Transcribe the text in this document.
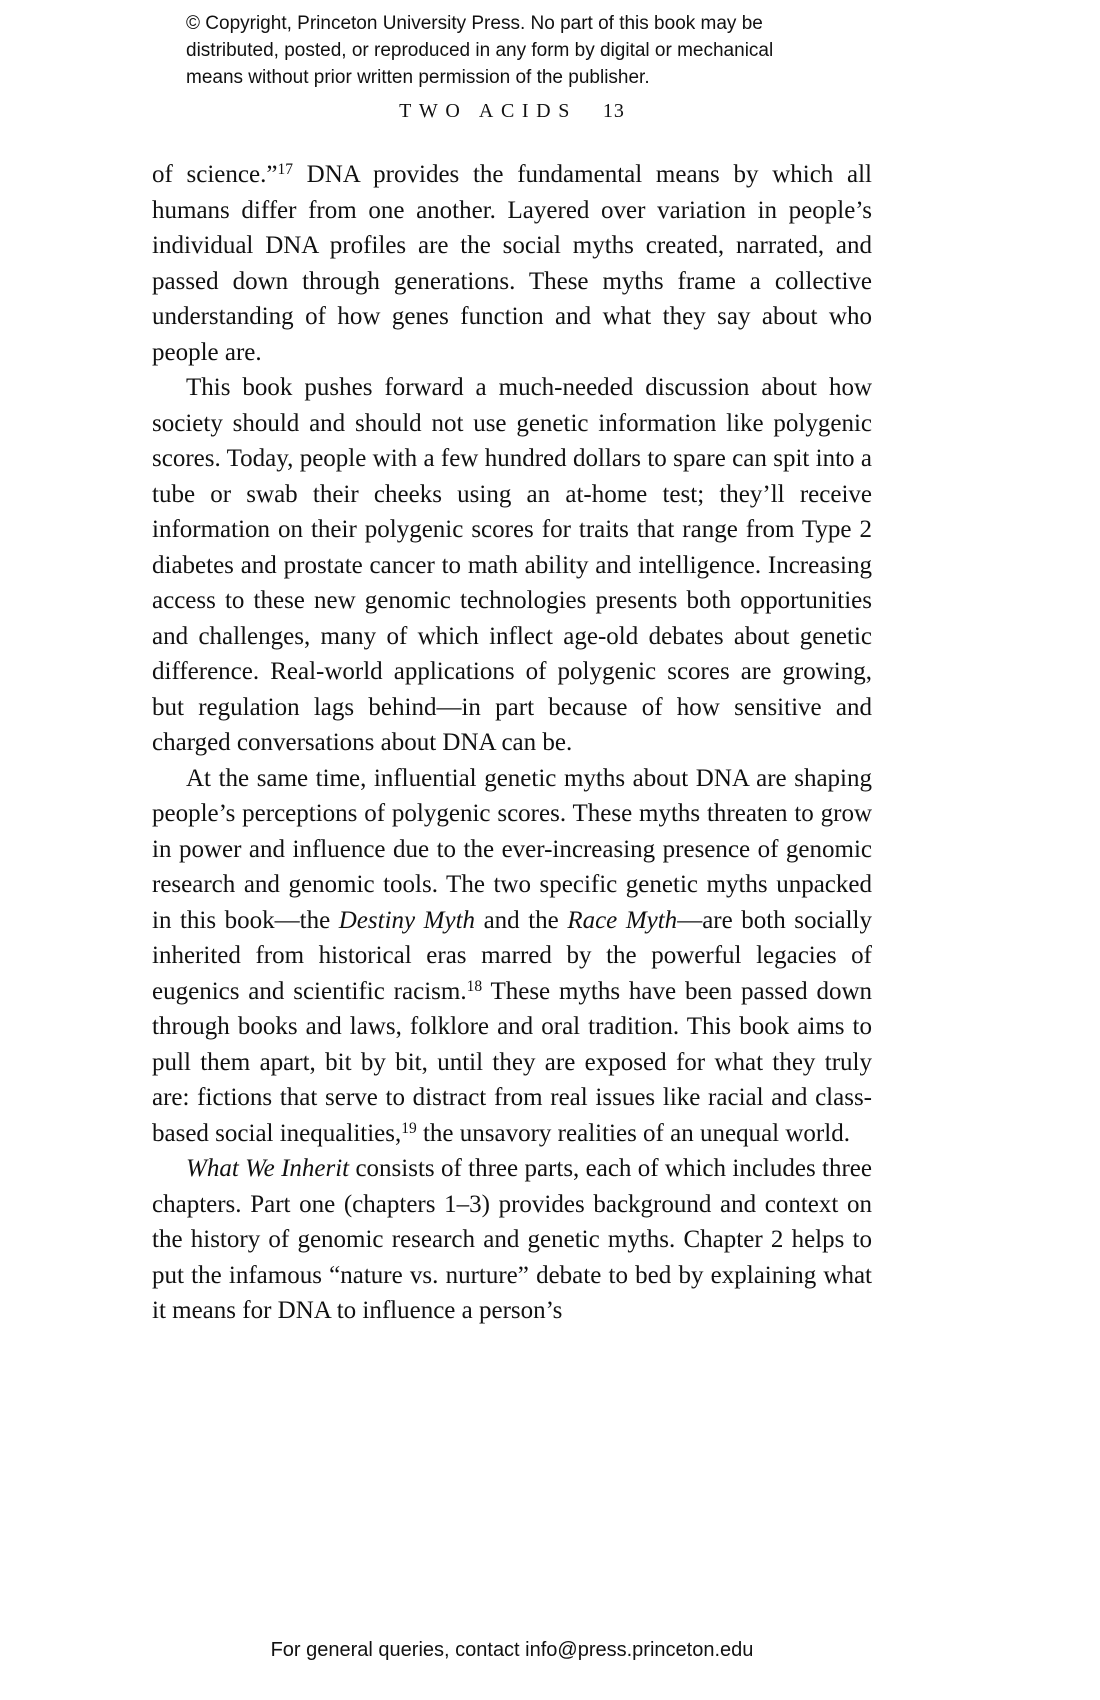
© Copyright, Princeton University Press. No part of this book may be
distributed, posted, or reproduced in any form by digital or mechanical
means without prior written permission of the publisher.
TWO ACIDS 13

of science.”$^{17}$ DNA provides the fundamental means by which all humans differ from one another. Layered over variation in people’s individual DNA profiles are the social myths created, narrated, and passed down through generations. These myths frame a collective understanding of how genes function and what they say about who people are.

This book pushes forward a much-needed discussion about how society should and should not use genetic information like polygenic scores. Today, people with a few hundred dollars to spare can spit into a tube or swab their cheeks using an at-home test; they’ll receive information on their polygenic scores for traits that range from Type 2 diabetes and prostate cancer to math ability and intelligence. Increasing access to these new genomic technologies presents both opportunities and challenges, many of which inflect age-old debates about genetic difference. Real-world applications of polygenic scores are growing, but regulation lags behind—in part because of how sensitive and charged conversations about DNA can be.

At the same time, influential genetic myths about DNA are shaping people’s perceptions of polygenic scores. These myths threaten to grow in power and influence due to the ever-increasing presence of genomic research and genomic tools. The two specific genetic myths unpacked in this book—the Destiny Myth and the Race Myth—are both socially inherited from historical eras marred by the powerful legacies of eugenics and scientific racism.$^{18}$ These myths have been passed down through books and laws, folklore and oral tradition. This book aims to pull them apart, bit by bit, until they are exposed for what they truly are: fictions that serve to distract from real issues like racial and class-based social inequalities,$^{19}$ the unsavory realities of an unequal world.

What We Inherit consists of three parts, each of which includes three chapters. Part one (chapters 1–3) provides background and context on the history of genomic research and genetic myths. Chapter 2 helps to put the infamous “nature vs. nurture” debate to bed by explaining what it means for DNA to influence a person’s

For general queries, contact info@press.princeton.edu
